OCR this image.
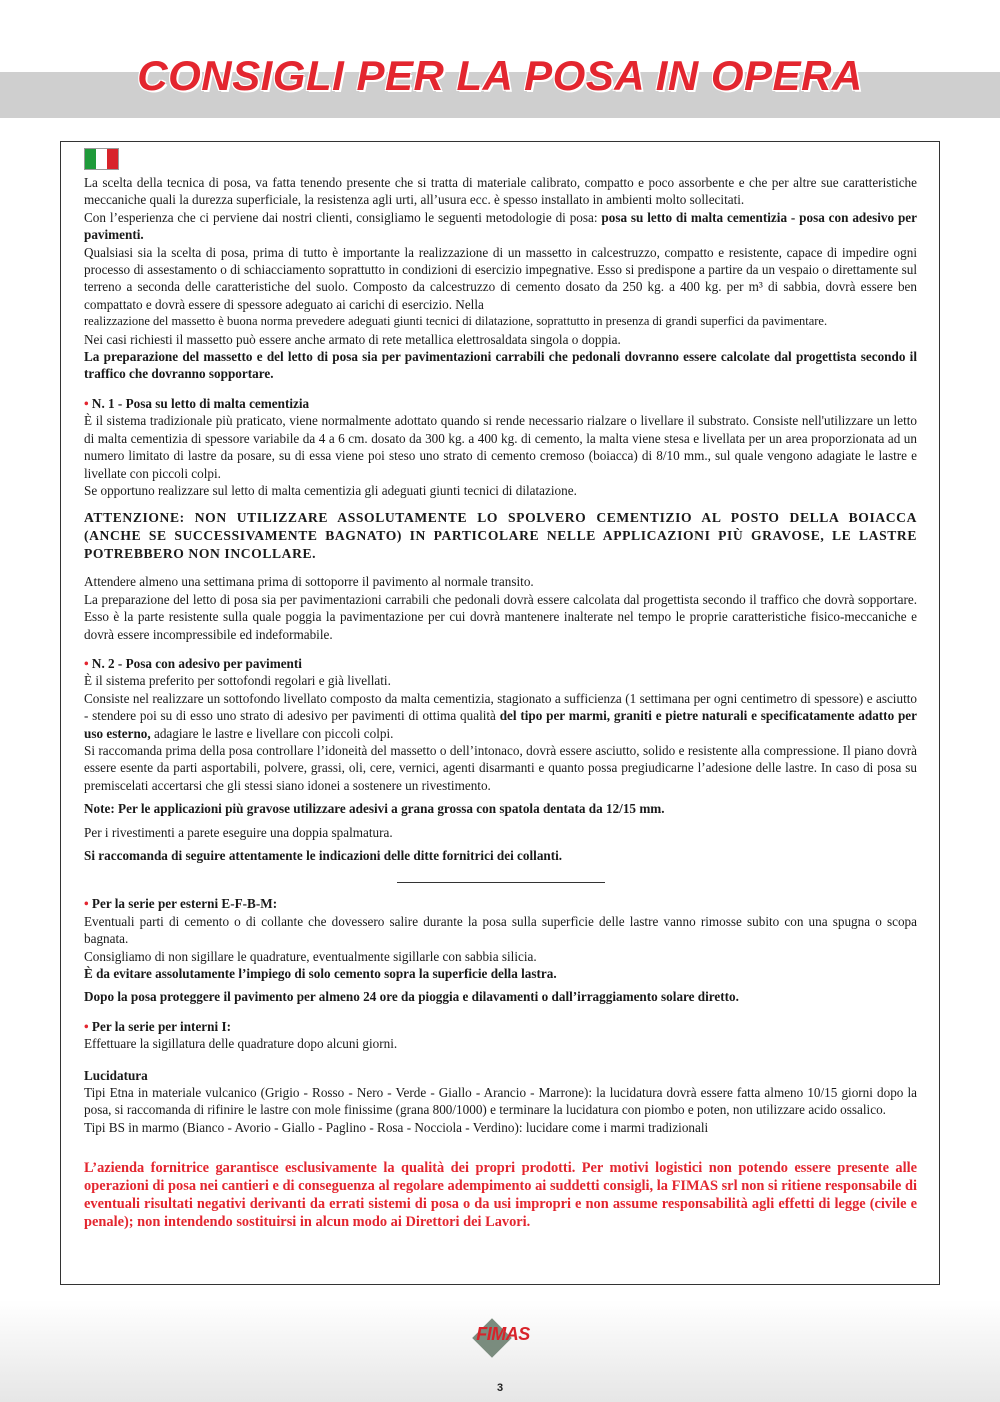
CONSIGLI PER LA POSA IN OPERA

La scelta della tecnica di posa, va fatta tenendo presente che si tratta di materiale calibrato, compatto e poco assorbente e che per altre sue caratteristiche meccaniche quali la durezza superficiale, la resistenza agli urti, all’usura ecc. è spesso installato in ambienti molto sollecitati.

Con l’esperienza che ci perviene dai nostri clienti, consigliamo le seguenti metodologie di posa: posa su letto di malta cementizia - posa con adesivo per pavimenti.

Qualsiasi sia la scelta di posa, prima di tutto è importante la realizzazione di un massetto in calcestruzzo, compatto e resistente, capace di impedire ogni processo di assestamento o di schiacciamento soprattutto in condizioni di esercizio impegnative. Esso si predispone a partire da un vespaio o direttamente sul terreno a seconda delle caratteristiche del suolo. Composto da calcestruzzo di cemento dosato da 250 kg. a 400 kg. per m³ di sabbia, dovrà essere ben compattato e dovrà essere di spessore adeguato ai carichi di esercizio. Nella

realizzazione del massetto è buona norma prevedere adeguati giunti tecnici di dilatazione, soprattutto in presenza di grandi superfici da pavimentare.

Nei casi richiesti il massetto può essere anche armato di rete metallica elettrosaldata singola o doppia.

La preparazione del massetto e del letto di posa sia per pavimentazioni carrabili che pedonali dovranno essere calcolate dal progettista secondo il traffico che dovranno sopportare.

• N. 1 - Posa su letto di malta cementizia

È il sistema tradizionale più praticato, viene normalmente adottato quando si rende necessario rialzare o livellare il substrato. Consiste nell'utilizzare un letto di malta cementizia di spessore variabile da 4 a 6 cm. dosato da 300 kg. a 400 kg. di cemento, la malta viene stesa e livellata per un area proporzionata ad un numero limitato di lastre da posare, su di essa viene poi steso uno strato di cemento cremoso (boiacca) di 8/10 mm., sul quale vengono adagiate le lastre e livellate con piccoli colpi.

Se opportuno realizzare sul letto di malta cementizia gli adeguati giunti tecnici di dilatazione.

ATTENZIONE: NON UTILIZZARE ASSOLUTAMENTE LO SPOLVERO CEMENTIZIO AL POSTO DELLA BOIACCA (ANCHE SE SUCCESSIVAMENTE BAGNATO) IN PARTICOLARE NELLE APPLICAZIONI PIÙ GRAVOSE, LE LASTRE POTREBBERO NON INCOLLARE.

Attendere almeno una settimana prima di sottoporre il pavimento al normale transito.

La preparazione del letto di posa sia per pavimentazioni carrabili che pedonali dovrà essere calcolata dal progettista secondo il traffico che dovrà sopportare. Esso è la parte resistente sulla quale poggia la pavimentazione per cui dovrà mantenere inalterate nel tempo le proprie caratteristiche fisico-meccaniche e dovrà essere incompressibile ed indeformabile.

• N. 2 - Posa con adesivo per pavimenti

È il sistema preferito per sottofondi regolari e già livellati.

Consiste nel realizzare un sottofondo livellato composto da malta cementizia, stagionato a sufficienza (1 settimana per ogni centimetro di spessore) e asciutto - stendere poi su di esso uno strato di adesivo per pavimenti di ottima qualità del tipo per marmi, graniti e pietre naturali e specificatamente adatto per uso esterno, adagiare le lastre e livellare con piccoli colpi.

Si raccomanda prima della posa controllare l’idoneità del massetto o dell’intonaco, dovrà essere asciutto, solido e resistente alla compressione. Il piano dovrà essere esente da parti asportabili, polvere, grassi, oli, cere, vernici, agenti disarmanti e quanto possa pregiudicarne l’adesione delle lastre. In caso di posa su premiscelati accertarsi che gli stessi siano idonei a sostenere un rivestimento.

Note: Per le applicazioni più gravose utilizzare adesivi a grana grossa con spatola dentata da 12/15 mm.

Per i rivestimenti a parete eseguire una doppia spalmatura.

Si raccomanda di seguire attentamente le indicazioni delle ditte fornitrici dei collanti.

• Per la serie per esterni E-F-B-M:

Eventuali parti di cemento o di collante che dovessero salire durante la posa sulla superfìcie delle lastre vanno rimosse subito con una spugna o scopa bagnata.

Consigliamo di non sigillare le quadrature, eventualmente sigillarle con sabbia silicia.

È da evitare assolutamente l’impiego di solo cemento sopra la superficie della lastra.

Dopo la posa proteggere il pavimento per almeno 24 ore da pioggia e dilavamenti o dall’irraggiamento solare diretto.

• Per la serie per interni I:

Effettuare la sigillatura delle quadrature dopo alcuni giorni.

Lucidatura

Tipi Etna in materiale vulcanico (Grigio - Rosso - Nero - Verde - Giallo - Arancio - Marrone): la lucidatura dovrà essere fatta almeno 10/15 giorni dopo la posa, si raccomanda di rifinire le lastre con mole finissime (grana 800/1000) e terminare la lucidatura con piombo e poten, non utilizzare acido ossalico.

Tipi BS in marmo (Bianco - Avorio - Giallo - Paglino - Rosa - Nocciola - Verdino): lucidare come i marmi tradizionali

L’azienda fornitrice garantisce esclusivamente la qualità dei propri prodotti. Per motivi logistici non potendo essere presente alle operazioni di posa nei cantieri e di conseguenza al regolare adempimento ai suddetti consigli, la FIMAS srl non si ritiene responsabile di eventuali risultati negativi derivanti da errati sistemi di posa o da usi impropri e non assume responsabilità agli effetti di legge (civile e penale); non intendendo sostituirsi in alcun modo ai Direttori dei Lavori.

FIMAS
3
